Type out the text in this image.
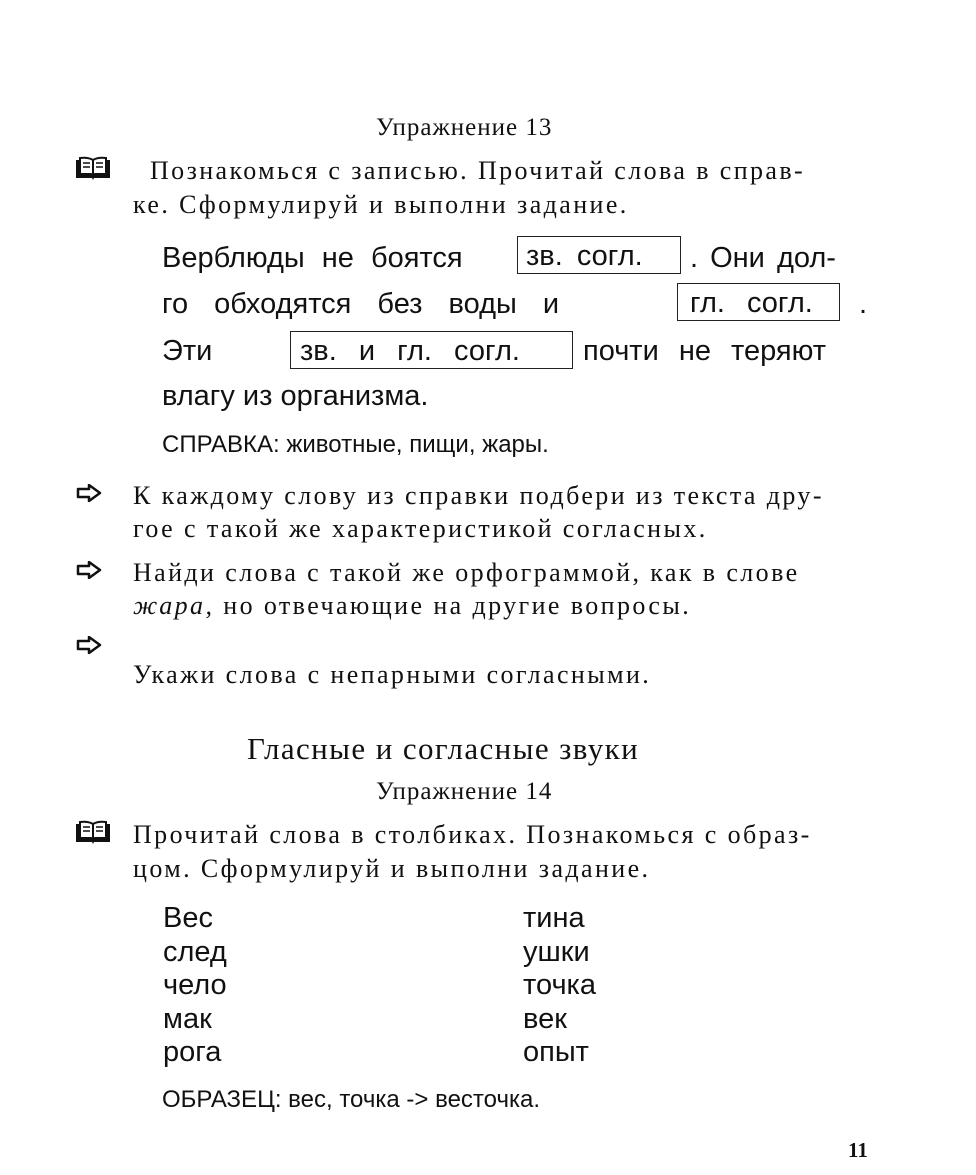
Упражнение 13
Познакомься с записью. Прочитай слова в справ-
ке. Сформулируй и выполни задание.
Верблюды не боятся зв. согл. . Они дол-
го обходятся без воды и	гл. согл. .
Эти	зв. и гл. согл. почти не теряют
влагу из организма.
СПРАВКА: животные, пищи, жары.
К каждому слову из справки подбери из текста дру-
гое с такой же характеристикой согласных.
Найди слова с такой же орфограммой, как в слове
жара, но отвечающие на другие вопросы.
Укажи слова с непарными согласными.
Гласные и согласные звуки
Упражнение 14
Прочитай слова в столбиках. Познакомься с образ-
цом. Сформулируй и выполни задание.
Вес
след
чело
мак
рога
тина
ушки
точка
век
опыт
ОБРАЗЕЦ: вес, точка -> весточка.
11
